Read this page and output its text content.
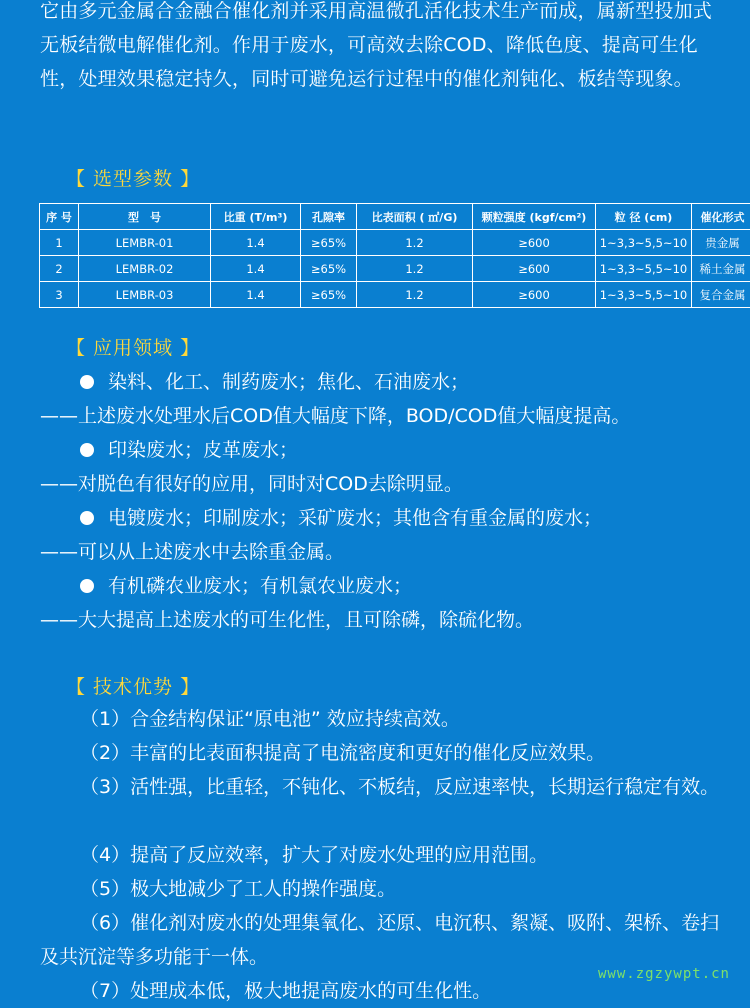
它由多元金属合金融合催化剂并采用高温微孔活化技术生产而成，属新型投加式无板结微电解催化剂。作用于废水，可高效去除COD、降低色度、提高可生化性，处理效果稳定持久，同时可避免运行过程中的催化剂钝化、板结等现象。
【 选型参数 】
序 号	型　号	比重 (T/m³)	孔隙率	比表面积 ( ㎡/G)	颗粒强度 (kgf/cm²)	粒 径 (cm)	催化形式
1	LEMBR-01	1.4	≥65%	1.2	≥600	1~3,3~5,5~10	贵金属
2	LEMBR-02	1.4	≥65%	1.2	≥600	1~3,3~5,5~10	稀土金属
3	LEMBR-03	1.4	≥65%	1.2	≥600	1~3,3~5,5~10	复合金属
【 应用领域 】
染料、化工、制药废水；焦化、石油废水；
——上述废水处理水后COD值大幅度下降，BOD/COD值大幅度提高。
印染废水；皮革废水；
——对脱色有很好的应用，同时对COD去除明显。
电镀废水；印刷废水；采矿废水；其他含有重金属的废水；
——可以从上述废水中去除重金属。
有机磷农业废水；有机氯农业废水；
——大大提高上述废水的可生化性，且可除磷，除硫化物。
【 技术优势 】
（1）合金结构保证“原电池” 效应持续高效。
（2）丰富的比表面积提高了电流密度和更好的催化反应效果。
（3）活性强，比重轻，不钝化、不板结，反应速率快，长期运行稳定有效。
（4）提高了反应效率，扩大了对废水处理的应用范围。
（5）极大地减少了工人的操作强度。
（6）催化剂对废水的处理集氧化、还原、电沉积、絮凝、吸附、架桥、卷扫及共沉淀等多功能于一体。
（7）处理成本低，极大地提高废水的可生化性。
www.zgzywpt.cn
